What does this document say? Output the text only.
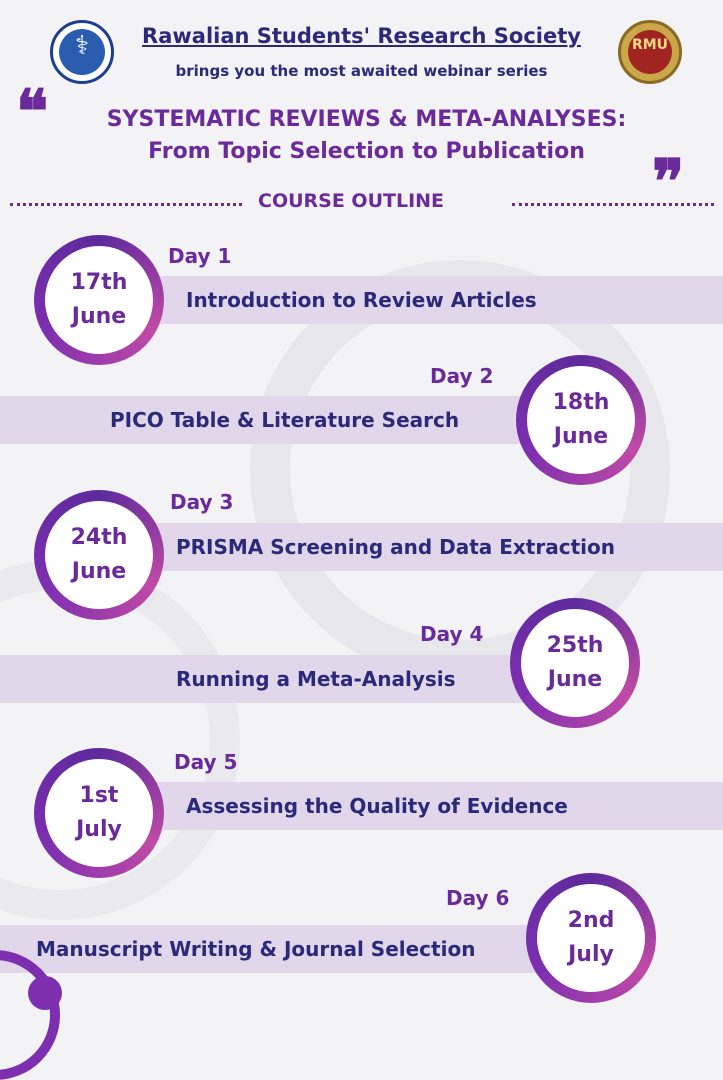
⚕	RMU
Rawalian Students' Research Society
brings you the most awaited webinar series
❝	SYSTEMATIC REVIEWS & META-ANALYSES:
From Topic Selection to Publication	❞
COURSE OUTLINE
Introduction to Review Articles
Day 1
17th
June
PICO Table & Literature Search
Day 2
18th
June
PRISMA Screening and Data Extraction
Day 3
24th
June
Running a Meta-Analysis
Day 4	25th
June
Assessing the Quality of Evidence
Day 5
1st
July
Manuscript Writing & Journal Selection
Day 6
2nd
July
